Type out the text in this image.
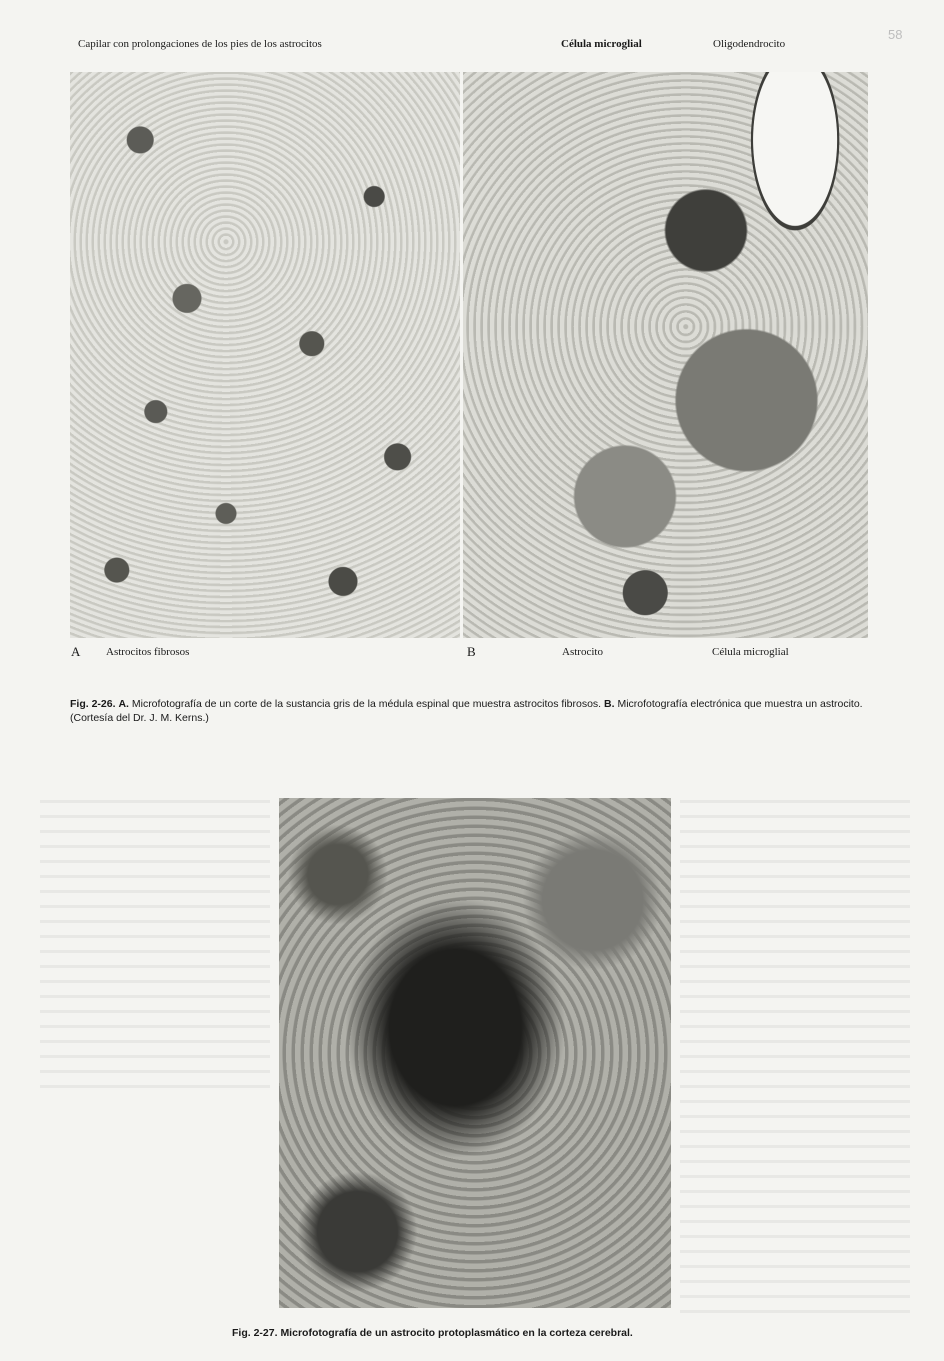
58
Capilar con prolongaciones de los pies de los astrocitos	Célula microglial	Oligodendrocito
A Astrocitos fibrosos	B	Astrocito	Célula microglial
Fig. 2-26. A. Microfotografía de un corte de la sustancia gris de la médula espinal que muestra astrocitos fibrosos. B. Microfotografía electrónica que muestra un astrocito. (Cortesía del Dr. J. M. Kerns.)
Fig. 2-27. Microfotografía de un astrocito protoplasmático en la corteza cerebral.
